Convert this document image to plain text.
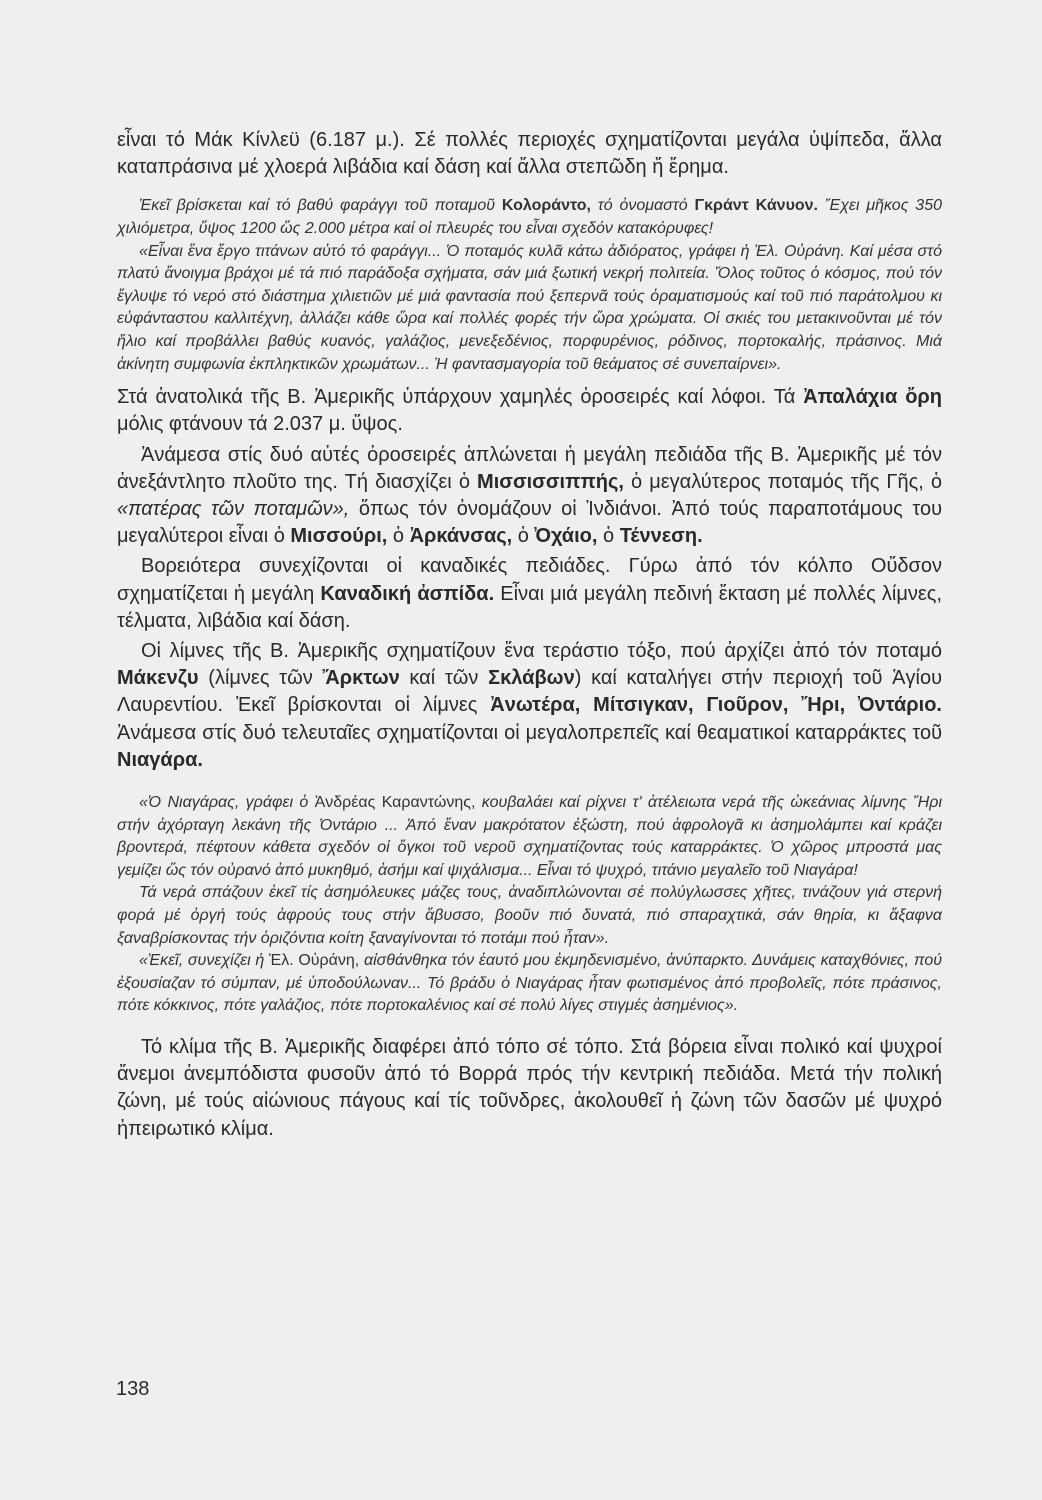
εἶναι τό Μάκ Κίνλεϋ (6.187 μ.). Σέ πολλές περιοχές σχηματίζονται μεγάλα ὑψίπεδα, ἄλλα καταπράσινα μέ χλοερά λιβάδια καί δάση καί ἄλλα στεπῶδη ἤ ἔρημα.

Ἐκεῖ βρίσκεται καί τό βαθύ φαράγγι τοῦ ποταμοῦ Κολοράντο, τό ὀνομαστό Γκράντ Κάνυον. Ἔχει μῆκος 350 χιλιόμετρα, ὕψος 1200 ὥς 2.000 μέτρα καί οἱ πλευρές του εἶναι σχεδόν κατακόρυφες!

«Εἶναι ἕνα ἔργο τιτάνων αὐτό τό φαράγγι... Ὁ ποταμός κυλᾶ κάτω ἀδιόρατος, γράφει ἡ Ἑλ. Οὐράνη. Καί μέσα στό πλατύ ἄνοιγμα βράχοι μέ τά πιό παράδοξα σχήματα, σάν μιά ξωτική νεκρή πολιτεία. Ὅλος τοῦτος ὁ κόσμος, πού τόν ἔγλυψε τό νερό στό διάστημα χιλιετιῶν μέ μιά φαντασία πού ξεπερνᾶ τούς ὁραματισμούς καί τοῦ πιό παράτολμου κι εὐφάνταστου καλλιτέχνη, ἀλλάζει κάθε ὥρα καί πολλές φορές τήν ὥρα χρώματα. Οἱ σκιές του μετακινοῦνται μέ τόν ἥλιο καί προβάλλει βαθύς κυανός, γαλάζιος, μενεξεδένιος, πορφυρένιος, ρόδινος, πορτοκαλής, πράσινος. Μιά ἀκίνητη συμφωνία ἐκπληκτικῶν χρωμάτων... Ἡ φαντασμαγορία τοῦ θεάματος σέ συνεπαίρνει».

Στά ἀνατολικά τῆς Β. Ἀμερικῆς ὑπάρχουν χαμηλές ὀροσειρές καί λόφοι. Τά Ἀπαλάχια ὄρη μόλις φτάνουν τά 2.037 μ. ὕψος.

Ἀνάμεσα στίς δυό αὐτές ὀροσειρές ἁπλώνεται ἡ μεγάλη πεδιάδα τῆς Β. Ἀμερικῆς μέ τόν ἀνεξάντλητο πλοῦτο της. Τή διασχίζει ὁ Μισσισσιππής, ὁ μεγαλύτερος ποταμός τῆς Γῆς, ὁ «πατέρας τῶν ποταμῶν», ὅπως τόν ὀνομάζουν οἱ Ἰνδιάνοι. Ἀπό τούς παραποτάμους του μεγαλύτεροι εἶναι ὁ Μισσούρι, ὁ Ἀρκάνσας, ὁ Ὀχάιο, ὁ Τέννεση.

Βορειότερα συνεχίζονται οἱ καναδικές πεδιάδες. Γύρω ἀπό τόν κόλπο Οὔδσον σχηματίζεται ἡ μεγάλη Καναδική ἀσπίδα. Εἶναι μιά μεγάλη πεδινή ἔκταση μέ πολλές λίμνες, τέλματα, λιβάδια καί δάση.

Οἱ λίμνες τῆς Β. Ἀμερικῆς σχηματίζουν ἕνα τεράστιο τόξο, πού ἀρχίζει ἀπό τόν ποταμό Μάκενζυ (λίμνες τῶν Ἄρκτων καί τῶν Σκλάβων) καί καταλήγει στήν περιοχή τοῦ Ἁγίου Λαυρεντίου. Ἐκεῖ βρίσκονται οἱ λίμνες Ἀνωτέρα, Μίτσιγκαν, Γιοῦρον, Ἤρι, Ὀντάριο. Ἀνάμεσα στίς δυό τελευταῖες σχηματίζονται οἱ μεγαλοπρεπεῖς καί θεαματικοί καταρράκτες τοῦ Νιαγάρα.

«Ὁ Νιαγάρας, γράφει ὁ Ἀνδρέας Καραντώνης, κουβαλάει καί ρίχνει τ' ἀτέλειωτα νερά τῆς ὠκεάνιας λίμνης Ἤρι στήν ἀχόρταγη λεκάνη τῆς Ὀντάριο ... Ἀπό ἕναν μακρότατον ἐξώστη, πού ἀφρολογᾶ κι ἀσημολάμπει καί κράζει βροντερά, πέφτουν κάθετα σχεδόν οἱ ὄγκοι τοῦ νεροῦ σχηματίζοντας τούς καταρράκτες. Ὁ χῶρος μπροστά μας γεμίζει ὥς τόν οὐρανό ἀπό μυκηθμό, ἀσήμι καί ψιχάλισμα... Εἶναι τό ψυχρό, τιτάνιο μεγαλεῖο τοῦ Νιαγάρα!

Τά νερά σπάζουν ἐκεῖ τίς ἀσημόλευκες μάζες τους, ἀναδιπλώνονται σέ πολύγλωσσες χῆτες, τινάζουν γιά στερνή φορά μέ ὀργή τούς ἀφρούς τους στήν ἄβυσσο, βοοῦν πιό δυνατά, πιό σπαραχτικά, σάν θηρία, κι ἄξαφνα ξαναβρίσκοντας τήν ὁριζόντια κοίτη ξαναγίνονται τό ποτάμι πού ἦταν».

«Ἐκεῖ, συνεχίζει ἡ Ἑλ. Οὐράνη, αἰσθάνθηκα τόν ἑαυτό μου ἐκμηδενισμένο, ἀνύπαρκτο. Δυνάμεις καταχθόνιες, πού ἐξουσίαζαν τό σύμπαν, μέ ὑποδούλωναν... Τό βράδυ ὁ Νιαγάρας ἦταν φωτισμένος ἀπό προβολεῖς, πότε πράσινος, πότε κόκκινος, πότε γαλάζιος, πότε πορτοκαλένιος καί σέ πολύ λίγες στιγμές ἀσημένιος».

Τό κλίμα τῆς Β. Ἀμερικῆς διαφέρει ἀπό τόπο σέ τόπο. Στά βόρεια εἶναι πολικό καί ψυχροί ἄνεμοι ἀνεμπόδιστα φυσοῦν ἀπό τό Βορρά πρός τήν κεντρική πεδιάδα. Μετά τήν πολική ζώνη, μέ τούς αἰώνιους πάγους καί τίς τοῦνδρες, ἀκολουθεῖ ἡ ζώνη τῶν δασῶν μέ ψυχρό ἠπειρωτικό κλίμα.

138
